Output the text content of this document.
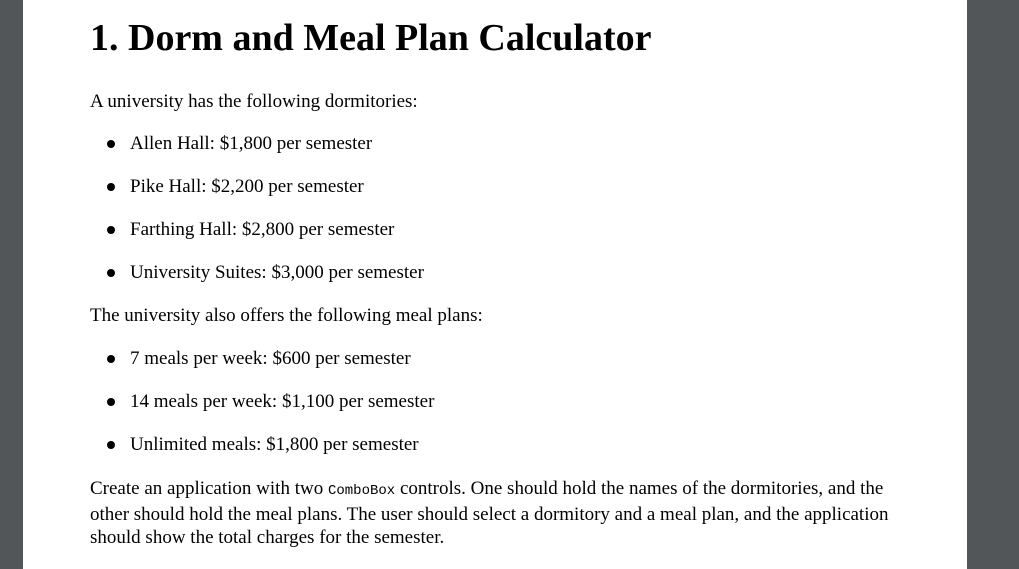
1. Dorm and Meal Plan Calculator

A university has the following dormitories:

Allen Hall: $1,800 per semester
Pike Hall: $2,200 per semester
Farthing Hall: $2,800 per semester
University Suites: $3,000 per semester

The university also offers the following meal plans:

7 meals per week: $600 per semester
14 meals per week: $1,100 per semester
Unlimited meals: $1,800 per semester

Create an application with two ComboBox controls. One should hold the names of the dormitories, and the other should hold the meal plans. The user should select a dormitory and a meal plan, and the application should show the total charges for the semester.
